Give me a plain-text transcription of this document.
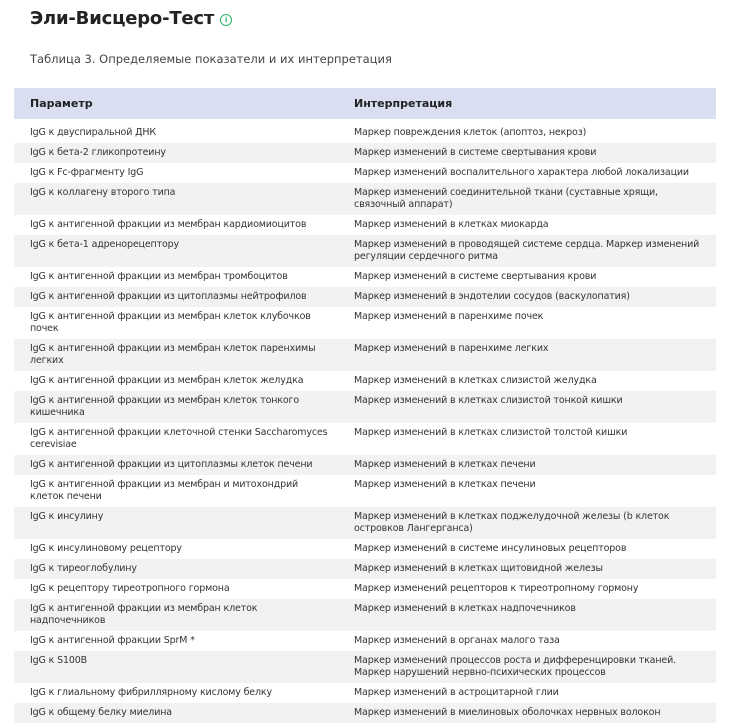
Эли-Висцеро-Тест	i
Таблица 3. Определяемые показатели и их интерпретация
Параметр	Интерпретация
IgG к двуспиральной ДНК	Маркер повреждения клеток (апоптоз, некроз)
IgG к бета-2 гликопротеину	Маркер изменений в системе свертывания крови
IgG к Fc-фрагменту IgG	Маркер изменений воспалительного характера любой локализации
IgG к коллагену второго типа	Маркер изменений соединительной ткани (суставные хрящи, связочный аппарат)
IgG к антигенной фракции из мембран кардиомиоцитов	Маркер изменений в клетках миокарда
IgG к бета-1 адренорецептору	Маркер изменений в проводящей системе сердца. Маркер изменений регуляции сердечного ритма
IgG к антигенной фракции из мембран тромбоцитов	Маркер изменений в системе свертывания крови
IgG к антигенной фракции из цитоплазмы нейтрофилов	Маркер изменений в эндотелии сосудов (васкулопатия)
IgG к антигенной фракции из мембран клеток клубочков почек	Маркер изменений в паренхиме почек
IgG к антигенной фракции из мембран клеток паренхимы легких	Маркер изменений в паренхиме легких
IgG к антигенной фракции из мембран клеток желудка	Маркер изменений в клетках слизистой желудка
IgG к антигенной фракции из мембран клеток тонкого кишечника	Маркер изменений в клетках слизистой тонкой кишки
IgG к антигенной фракции клеточной стенки Saccharomyces cerevisiae	Маркер изменений в клетках слизистой толстой кишки
IgG к антигенной фракции из цитоплазмы клеток печени	Маркер изменений в клетках печени
IgG к антигенной фракции из мембран и митохондрий клеток печени	Маркер изменений в клетках печени
IgG к инсулину	Маркер изменений в клетках поджелудочной железы (b клеток островков Лангерганса)
IgG к инсулиновому рецептору	Маркер изменений в системе инсулиновых рецепторов
IgG к тиреоглобулину	Маркер изменений в клетках щитовидной железы
IgG к рецептору тиреотропного гормона	Маркер изменений рецепторов к тиреотропному гормону
IgG к антигенной фракции из мембран клеток надпочечников	Маркер изменений в клетках надпочечников
IgG к антигенной фракции SprM *	Маркер изменений в органах малого таза
IgG к S100B	Маркер изменений процессов роста и дифференцировки тканей. Маркер нарушений нервно-психических процессов
IgG к глиальному фибриллярному кислому белку	Маркер изменений в астроцитарной глии
IgG к общему белку миелина	Маркер изменений в миелиновых оболочках нервных волокон
